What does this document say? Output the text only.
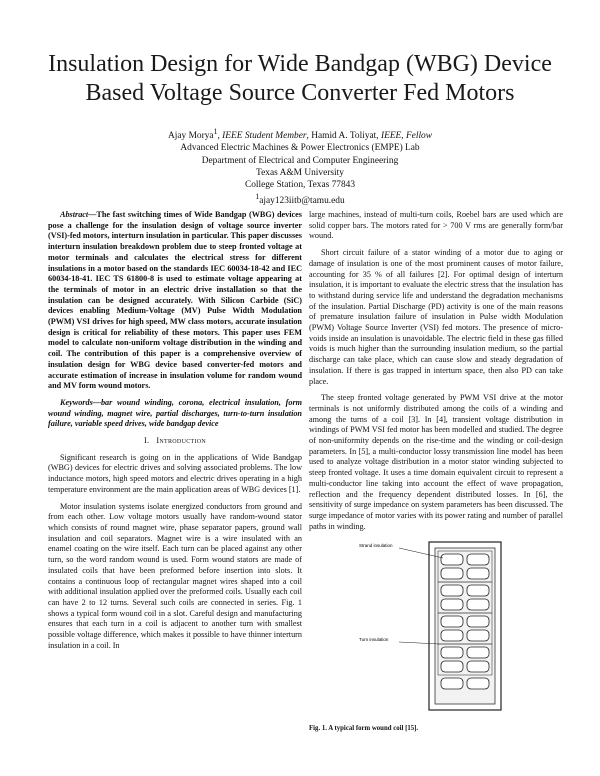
Insulation Design for Wide Bandgap (WBG) Device
Based Voltage Source Converter Fed Motors
Ajay Morya$^1$, IEEE Student Member, Hamid A. Toliyat, IEEE, Fellow
Advanced Electric Machines & Power Electronics (EMPE) Lab
Department of Electrical and Computer Engineering
Texas A&M University
College Station, Texas 77843
$^1$ajay123iitb@tamu.edu

Abstract—The fast switching times of Wide Bandgap (WBG) devices pose a challenge for the insulation design of voltage source inverter (VSI)-fed motors, interturn insulation in particular. This paper discusses interturn insulation breakdown problem due to steep fronted voltage at motor terminals and calculates the electrical stress for different insulations in a motor based on the standards IEC 60034-18-42 and IEC 60034-18-41. IEC TS 61800-8 is used to estimate voltage appearing at the terminals of motor in an electric drive installation so that the insulation can be designed accurately. With Silicon Carbide (SiC) devices enabling Medium-Voltage (MV) Pulse Width Modulation (PWM) VSI drives for high speed, MW class motors, accurate insulation design is critical for reliability of these motors. This paper uses FEM model to calculate non-uniform voltage distribution in the winding and coil. The contribution of this paper is a comprehensive overview of insulation design for WBG device based converter-fed motors and accurate estimation of increase in insulation volume for random wound and MV form wound motors.

Keywords—bar wound winding, corona, electrical insulation, form wound winding, magnet wire, partial discharges, turn-to-turn insulation failure, variable speed drives, wide bandgap device

I. Introduction

Significant research is going on in the applications of Wide Bandgap (WBG) devices for electric drives and solving associated problems. The low inductance motors, high speed motors and electric drives operating in a high temperature environment are the main application areas of WBG devices [1].

Motor insulation systems isolate energized conductors from ground and from each other. Low voltage motors usually have random-wound stator which consists of round magnet wire, phase separator papers, ground wall insulation and coil separators. Magnet wire is a wire insulated with an enamel coating on the wire itself. Each turn can be placed against any other turn, so the word random wound is used. Form wound stators are made of insulated coils that have been preformed before insertion into slots. It contains a continuous loop of rectangular magnet wires shaped into a coil with additional insulation applied over the preformed coils. Usually each coil can have 2 to 12 turns. Several such coils are connected in series. Fig. 1 shows a typical form wound coil in a slot. Careful design and manufacturing ensures that each turn in a coil is adjacent to another turn with smallest possible voltage difference, which makes it possible to have thinner interturn insulation in a coil. In

large machines, instead of multi-turn coils, Roebel bars are used which are solid copper bars. The motors rated for > 700 V rms are generally form/bar wound.

Short circuit failure of a stator winding of a motor due to aging or damage of insulation is one of the most prominent causes of motor failure, accounting for 35 % of all failures [2]. For optimal design of interturn insulation, it is important to evaluate the electric stress that the insulation has to withstand during service life and understand the degradation mechanisms of the insulation. Partial Discharge (PD) activity is one of the main reasons of premature insulation failure of insulation in Pulse width Modulation (PWM) Voltage Source Inverter (VSI) fed motors. The presence of micro-voids inside an insulation is unavoidable. The electric field in these gas filled voids is much higher than the surrounding insulation medium, so the partial discharge can take place, which can cause slow and steady degradation of insulation. If there is gas trapped in interturn space, then also PD can take place.

The steep fronted voltage generated by PWM VSI drive at the motor terminals is not uniformly distributed among the coils of a winding and among the turns of a coil [3]. In [4], transient voltage distribution in windings of PWM VSI fed motor has been modelled and studied. The degree of non-uniformity depends on the rise-time and the winding or coil-design parameters. In [5], a multi-conductor lossy transmission line model has been used to analyze voltage distribution in a motor stator winding subjected to steep fronted voltage. It uses a time domain equivalent circuit to represent a multi-conductor line taking into account the effect of wave propagation, reflection and the frequency dependent distributed losses. In [6], the sensitivity of surge impedance on system parameters has been discussed. The surge impedance of motor varies with its power rating and number of parallel paths in winding.

Strand insulation
Turn insulation
Fig. 1. A typical form wound coil [15].
